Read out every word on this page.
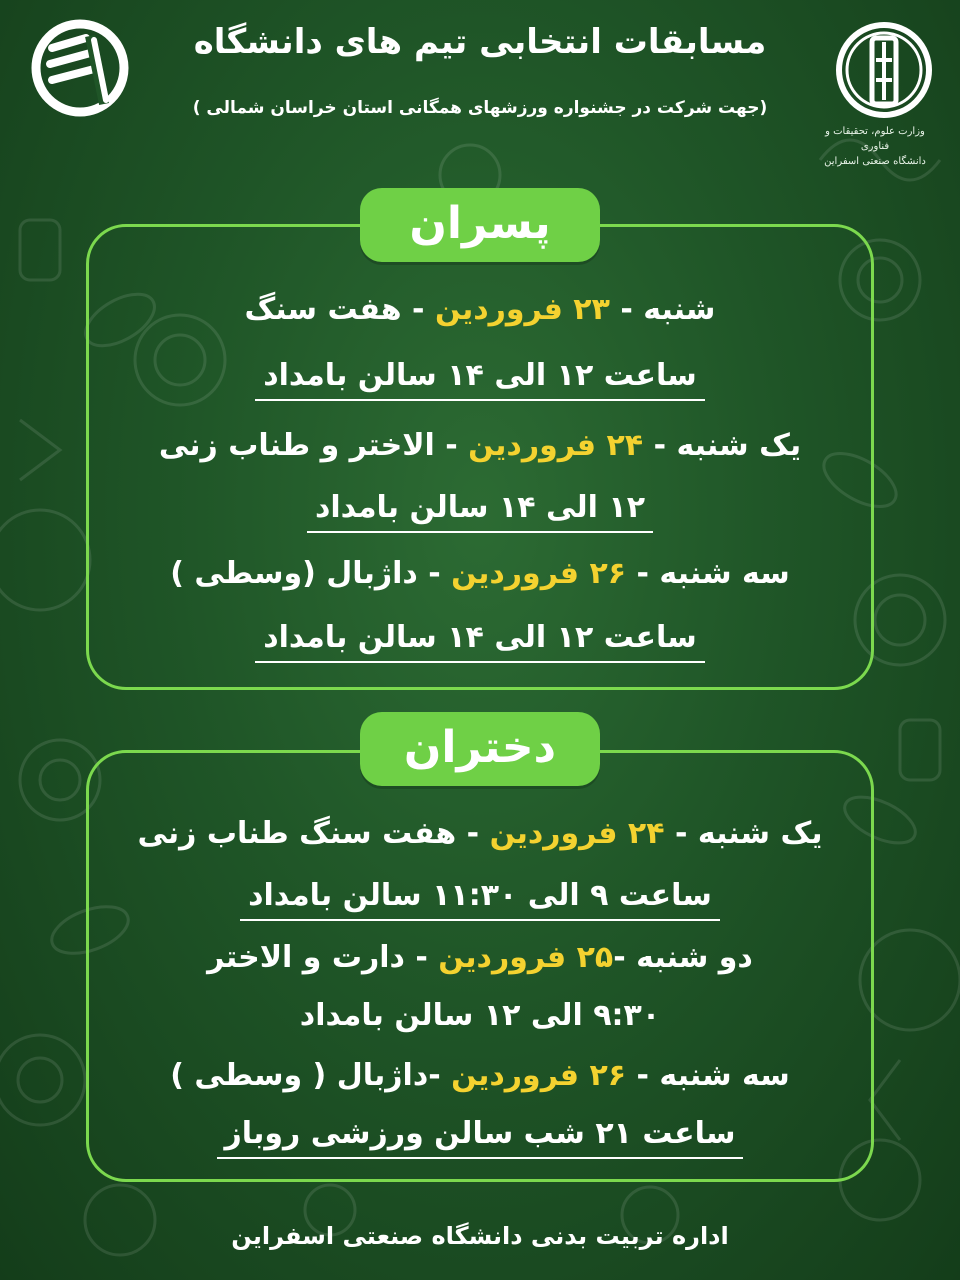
وزارت علوم، تحقیقات و فناوری
دانشگاه صنعتی اسفراین
مسابقات انتخابی تیم های دانشگاه
(جهت شرکت در جشنواره ورزشهای همگانی استان خراسان شمالی )
پسران
شنبه - ۲۳ فروردین - هفت سنگ
ساعت ۱۲ الی ۱۴ سالن بامداد
یک شنبه - ۲۴ فروردین - الاختر و طناب زنی
۱۲ الی ۱۴ سالن بامداد
سه شنبه - ۲۶ فروردین - داژبال (وسطی )
ساعت ۱۲ الی ۱۴ سالن بامداد
دختران
یک شنبه - ۲۴ فروردین - هفت سنگ طناب زنی
ساعت ۹ الی ۱۱:۳۰ سالن بامداد
دو شنبه -۲۵ فروردین - دارت و الاختر
۹:۳۰ الی ۱۲ سالن بامداد
سه شنبه - ۲۶ فروردین -داژبال ( وسطی )
ساعت ۲۱ شب سالن ورزشی روباز
اداره تربیت بدنی دانشگاه صنعتی اسفراین
